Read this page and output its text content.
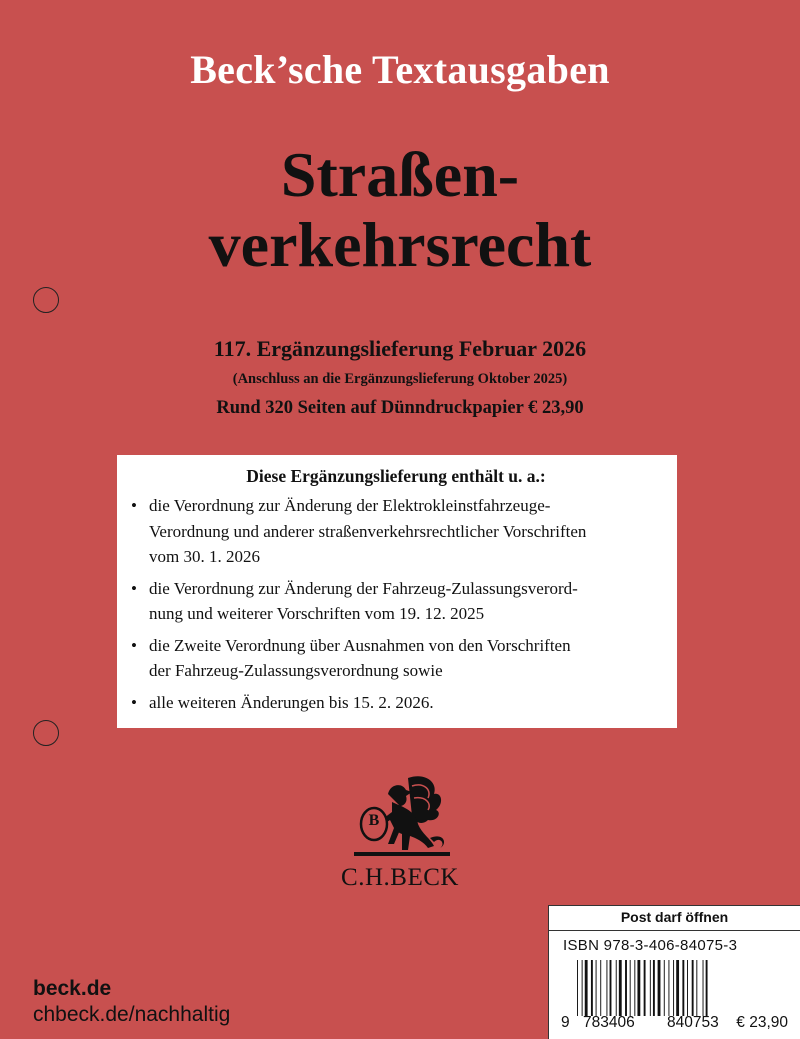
Beck’sche Textausgaben
Straßen-
verkehrsrecht
117. Ergänzungslieferung Februar 2026
(Anschluss an die Ergänzungslieferung Oktober 2025)
Rund 320 Seiten auf Dünndruckpapier € 23,90
Diese Ergänzungslieferung enthält u. a.:
• die Verordnung zur Änderung der Elektrokleinstfahrzeuge-
Verordnung und anderer straßenverkehrsrechtlicher Vorschriften
vom 30. 1. 2026
• die Verordnung zur Änderung der Fahrzeug-Zulassungsverord-
nung und weiterer Vorschriften vom 19. 12. 2025
• die Zweite Verordnung über Ausnahmen von den Vorschriften
der Fahrzeug-Zulassungsverordnung sowie
• alle weiteren Änderungen bis 15. 2. 2026.
B
C.H.BECK
beck.de
chbeck.de/nachhaltig
Post darf öffnen
ISBN 978-3-406-84075-3
9 783406 840753 € 23,90
